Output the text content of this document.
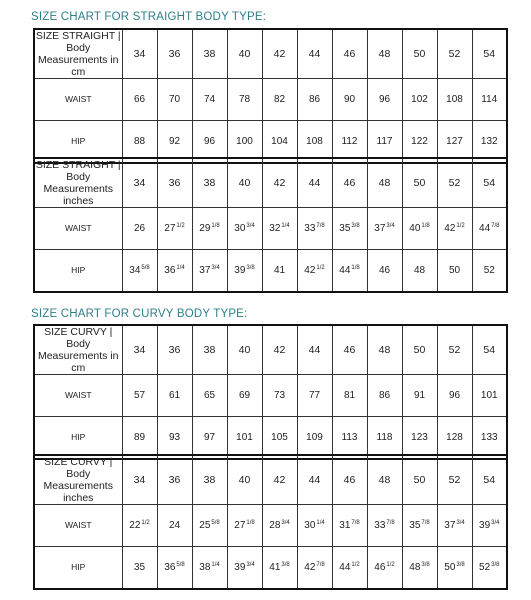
SIZE CHART FOR STRAIGHT BODY TYPE:
SIZE STRAIGHT | Body Measurements in cm	34	36	38	40	42	44	46	48	50	52	54
WAIST	66	70	74	78	82	86	90	96	102	108	114
HIP	88	92	96	100	104	108	112	117	122	127	132
SIZE STRAIGHT | Body Measurements inches	34	36	38	40	42	44	46	48	50	52	54
WAIST	26	$27^{1/2}$	$29^{1/8}$	$30^{3/4}$	$32^{1/4}$	$33^{7/8}$	$35^{3/8}$	$37^{3/4}$	$40^{1/8}$	$42^{1/2}$	$44^{7/8}$
HIP	$34^{5/8}$	$36^{1/4}$	$37^{3/4}$	$39^{3/8}$	41	$42^{1/2}$	$44^{1/8}$	46	48	50	52
SIZE CHART FOR CURVY BODY TYPE:
SIZE CURVY | Body Measurements in cm	34	36	38	40	42	44	46	48	50	52	54
WAIST	57	61	65	69	73	77	81	86	91	96	101
HIP	89	93	97	101	105	109	113	118	123	128	133
SIZE CURVY | Body Measurements inches	34	36	38	40	42	44	46	48	50	52	54
WAIST	$22^{1/2}$	24	$25^{5/8}$	$27^{1/8}$	$28^{3/4}$	$30^{1/4}$	$31^{7/8}$	$33^{7/8}$	$35^{7/8}$	$37^{3/4}$	$39^{3/4}$
HIP	35	$36^{5/8}$	$38^{1/4}$	$39^{3/4}$	$41^{3/8}$	$42^{7/8}$	$44^{1/2}$	$46^{1/2}$	$48^{3/8}$	$50^{3/8}$	$52^{3/8}$
